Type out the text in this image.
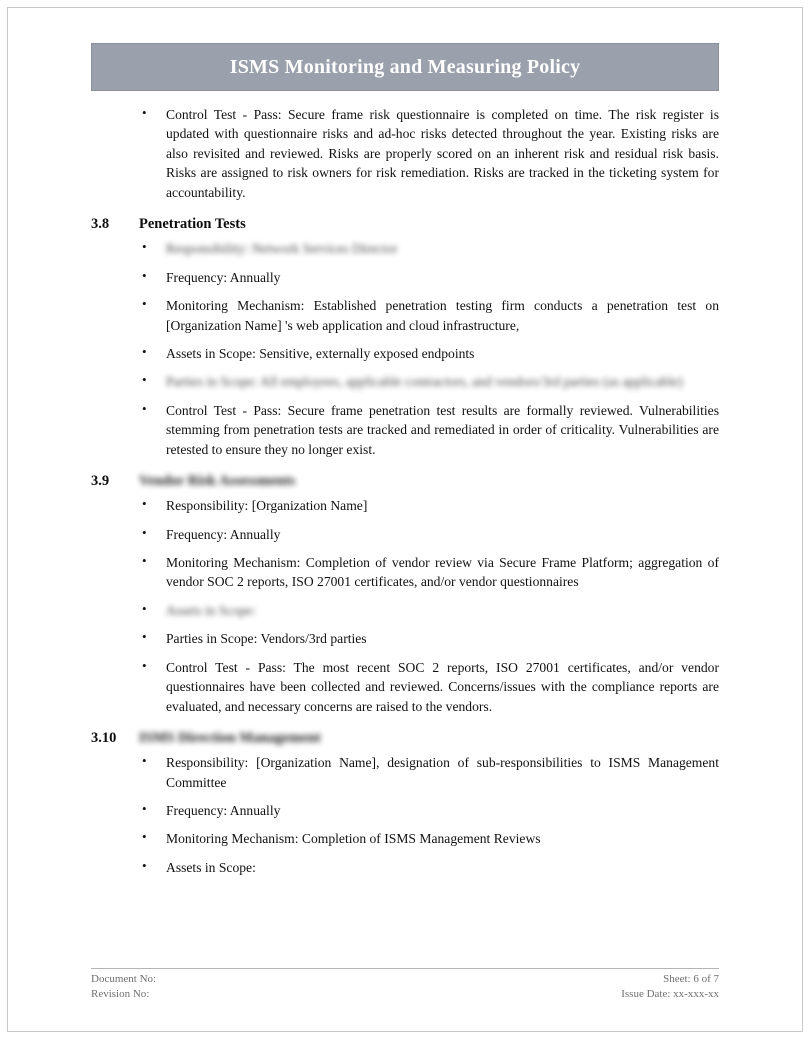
ISMS Monitoring and Measuring Policy
• Control Test - Pass: Secure frame risk questionnaire is completed on time. The risk register is updated with questionnaire risks and ad-hoc risks detected throughout the year. Existing risks are also revisited and reviewed. Risks are properly scored on an inherent risk and residual risk basis. Risks are assigned to risk owners for risk remediation. Risks are tracked in the ticketing system for accountability.
3.8	Penetration Tests
• Responsibility: Network Services Director
• Frequency: Annually
• Monitoring Mechanism: Established penetration testing firm conducts a penetration test on [Organization Name] 's web application and cloud infrastructure,
• Assets in Scope: Sensitive, externally exposed endpoints
• Parties in Scope: All employees, applicable contractors, and vendors/3rd parties (as applicable)
• Control Test - Pass: Secure frame penetration test results are formally reviewed. Vulnerabilities stemming from penetration tests are tracked and remediated in order of criticality. Vulnerabilities are retested to ensure they no longer exist.
3.9	Vendor Risk Assessments
• Responsibility: [Organization Name]
• Frequency: Annually
• Monitoring Mechanism: Completion of vendor review via Secure Frame Platform; aggregation of vendor SOC 2 reports, ISO 27001 certificates, and/or vendor questionnaires
• Assets in Scope:
• Parties in Scope: Vendors/3rd parties
• Control Test - Pass: The most recent SOC 2 reports, ISO 27001 certificates, and/or vendor questionnaires have been collected and reviewed. Concerns/issues with the compliance reports are evaluated, and necessary concerns are raised to the vendors.
3.10	ISMS Direction Management
• Responsibility: [Organization Name], designation of sub-responsibilities to ISMS Management Committee
• Frequency: Annually
• Monitoring Mechanism: Completion of ISMS Management Reviews
• Assets in Scope:
Document No:	Sheet: 6 of 7
Revision No:	Issue Date: xx-xxx-xx
